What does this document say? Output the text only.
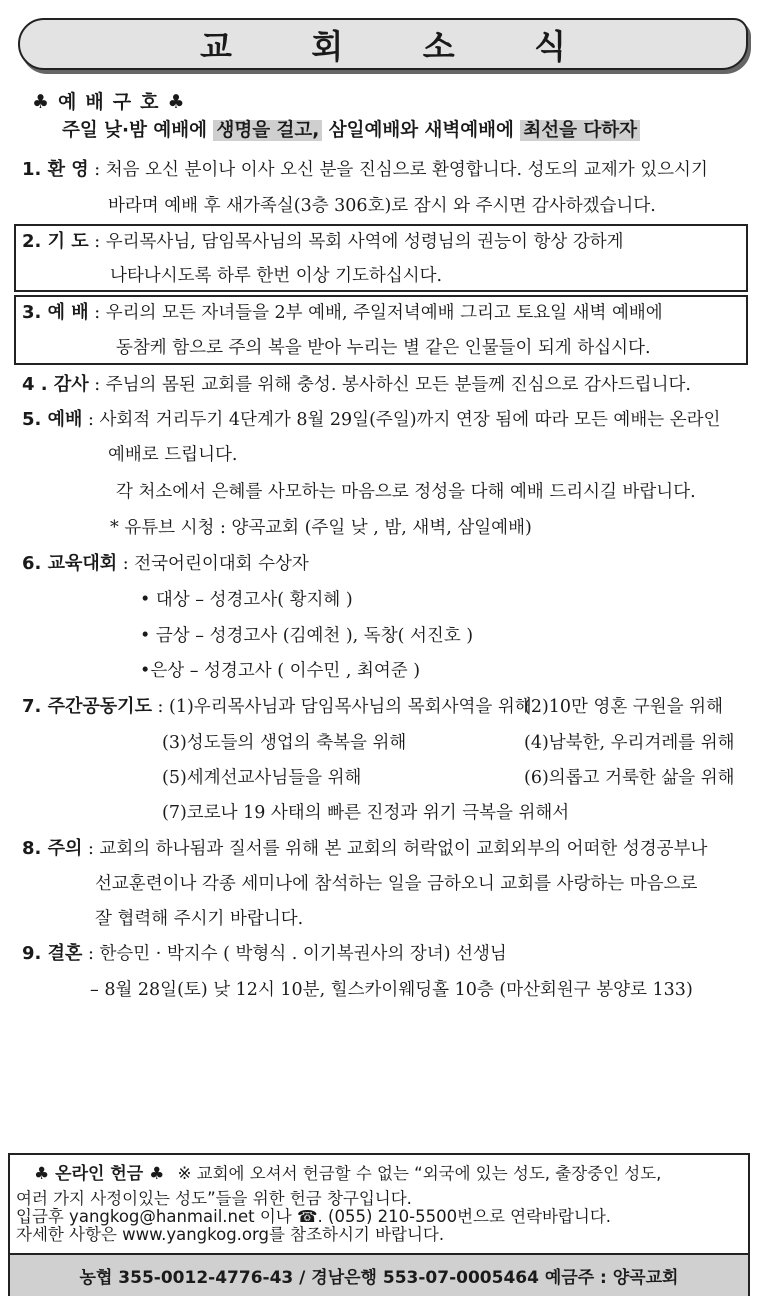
교 회 소 식
♣예배구호♣
주일 낮·밤 예배에 생명을 걸고, 삼일예배와 새벽예배에 최선을 다하자
1. 환 영 : 처음 오신 분이나 이사 오신 분을 진심으로 환영합니다. 성도의 교제가 있으시기
바라며 예배 후 새가족실(3층 306호)로 잠시 와 주시면 감사하겠습니다.
2. 기 도 : 우리목사님, 담임목사님의 목회 사역에 성령님의 권능이 항상 강하게
나타나시도록 하루 한번 이상 기도하십시다.
3. 예 배 : 우리의 모든 자녀들을 2부 예배, 주일저녁예배 그리고 토요일 새벽 예배에
동참케 함으로 주의 복을 받아 누리는 별 같은 인물들이 되게 하십시다.
4 . 감사 : 주님의 몸된 교회를 위해 충성. 봉사하신 모든 분들께 진심으로 감사드립니다.
5. 예배 : 사회적 거리두기 4단계가 8월 29일(주일)까지 연장 됨에 따라 모든 예배는 온라인
예배로 드립니다.
각 처소에서 은혜를 사모하는 마음으로 정성을 다해 예배 드리시길 바랍니다.
* 유튜브 시청 : 양곡교회 (주일 낮 , 밤, 새벽, 삼일예배)
6. 교육대회 : 전국어린이대회 수상자
• 대상 – 성경고사( 황지혜 )
• 금상 – 성경고사 (김예천 ), 독창( 서진호 )
•은상 – 성경고사 ( 이수민 , 최여준 )
7. 주간공동기도 : (1)우리목사님과 담임목사님의 목회사역을 위해
(2)10만 영혼 구원을 위해
(3)성도들의 생업의 축복을 위해	(4)남북한, 우리겨레를 위해
(5)세계선교사님들을 위해	(6)의롭고 거룩한 삶을 위해
(7)코로나 19 사태의 빠른 진정과 위기 극복을 위해서
8. 주의 : 교회의 하나됨과 질서를 위해 본 교회의 허락없이 교회외부의 어떠한 성경공부나
선교훈련이나 각종 세미나에 참석하는 일을 금하오니 교회를 사랑하는 마음으로
잘 협력해 주시기 바랍니다.
9. 결혼 : 한승민 · 박지수 ( 박형식 . 이기복권사의 장녀) 선생님
– 8월 28일(토) 낮 12시 10분, 힐스카이웨딩홀 10층 (마산회원구 봉양로 133)
♣ 온라인 헌금 ♣ ※ 교회에 오셔서 헌금할 수 없는 “외국에 있는 성도, 출장중인 성도,
여러 가지 사정이있는 성도”들을 위한 헌금 창구입니다.
입금후 yangkog@hanmail.net 이나 ☎. (055) 210-5500번으로 연락바랍니다.
자세한 사항은 www.yangkog.org를 참조하시기 바랍니다.
농협 355-0012-4776-43 / 경남은행 553-07-0005464 예금주 : 양곡교회
